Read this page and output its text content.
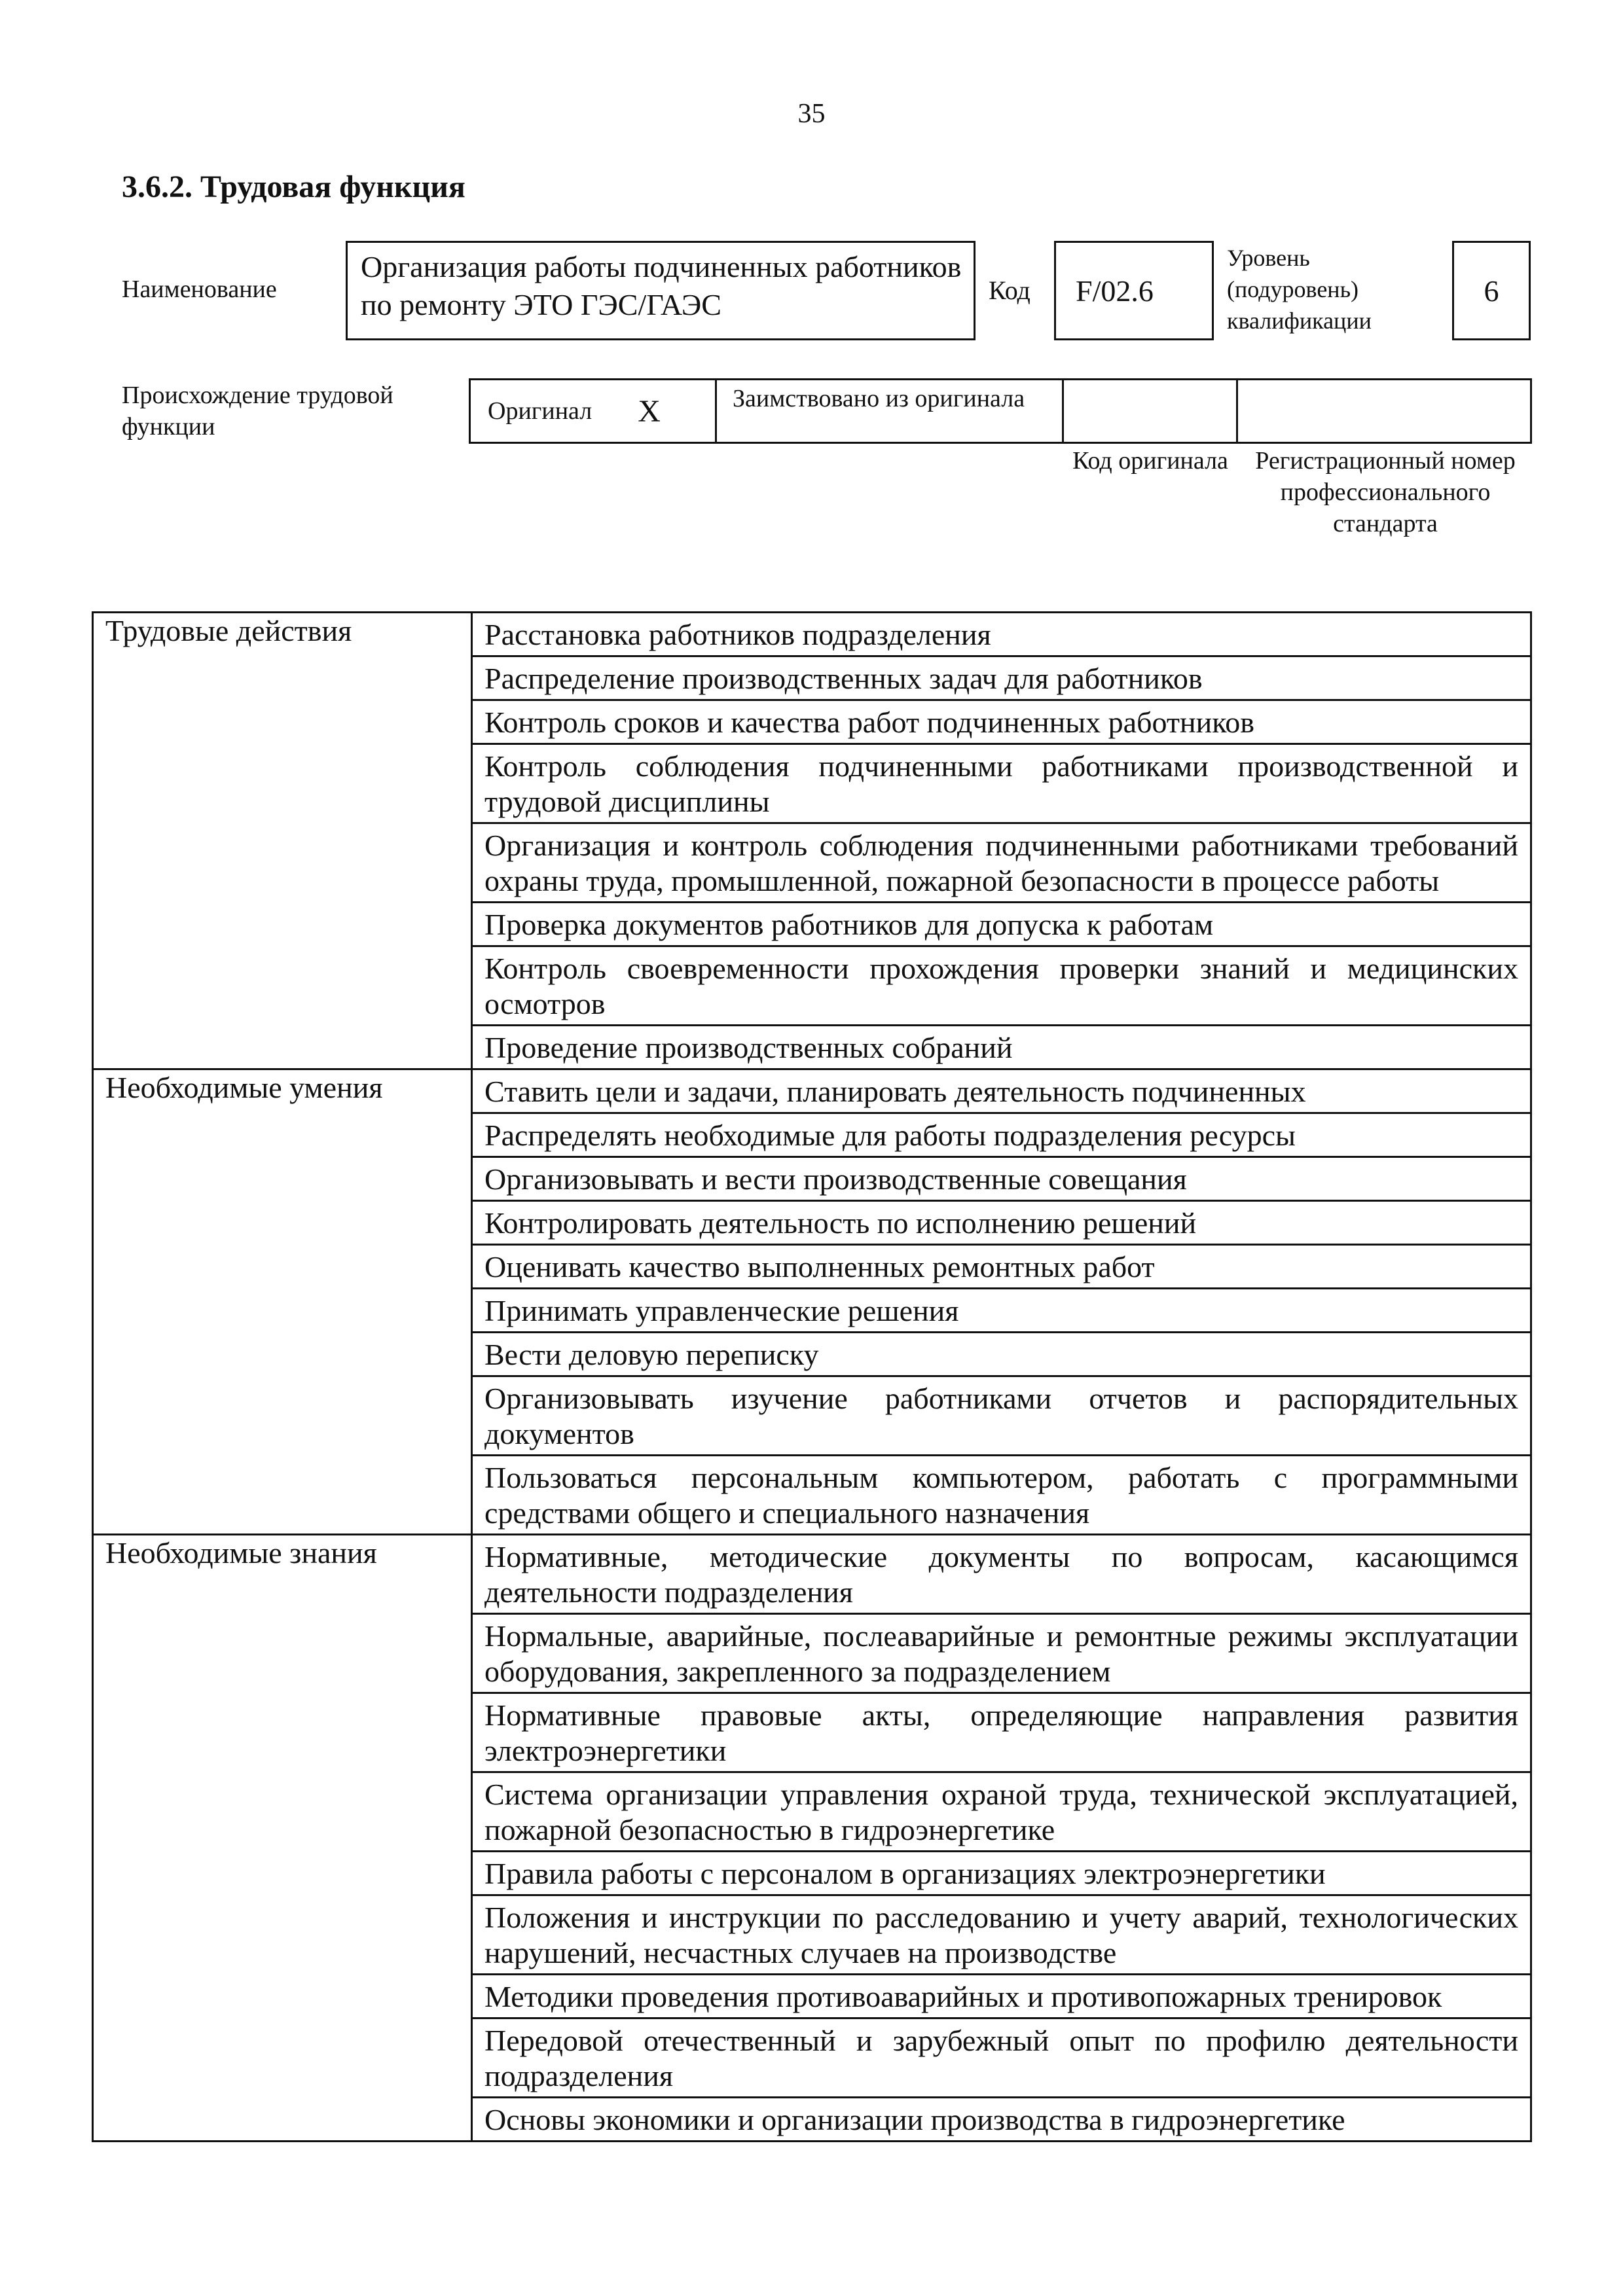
35
3.6.2. Трудовая функция
Наименование
Организация работы подчиненных работников по ремонту ЭТО ГЭС/ГАЭС	Код	F/02.6
Уровень (подуровень) квалификации
6
Происхождение трудовой функции
Оригинал X	Заимствовано из оригинала
Код оригинала	Регистрационный номер профессионального стандарта
Трудовые действия	Расстановка работников подразделения
	Распределение производственных задач для работников
	Контроль сроков и качества работ подчиненных работников
	Контроль соблюдения подчиненными работниками производственной и трудовой дисциплины
	Организация и контроль соблюдения подчиненными работниками требований охраны труда, промышленной, пожарной безопасности в процессе работы
	Проверка документов работников для допуска к работам
	Контроль своевременности прохождения проверки знаний и медицинских осмотров
	Проведение производственных собраний
Необходимые умения	Ставить цели и задачи, планировать деятельность подчиненных
	Распределять необходимые для работы подразделения ресурсы
	Организовывать и вести производственные совещания
	Контролировать деятельность по исполнению решений
	Оценивать качество выполненных ремонтных работ
	Принимать управленческие решения
	Вести деловую переписку
	Организовывать изучение работниками отчетов и распорядительных документов
	Пользоваться персональным компьютером, работать с программными средствами общего и специального назначения
Необходимые знания	Нормативные, методические документы по вопросам, касающимся деятельности подразделения
	Нормальные, аварийные, послеаварийные и ремонтные режимы эксплуатации оборудования, закрепленного за подразделением
	Нормативные правовые акты, определяющие направления развития электроэнергетики
	Система организации управления охраной труда, технической эксплуатацией, пожарной безопасностью в гидроэнергетике
	Правила работы с персоналом в организациях электроэнергетики
	Положения и инструкции по расследованию и учету аварий, технологических нарушений, несчастных случаев на производстве
	Методики проведения противоаварийных и противопожарных тренировок
	Передовой отечественный и зарубежный опыт по профилю деятельности подразделения
	Основы экономики и организации производства в гидроэнергетике
